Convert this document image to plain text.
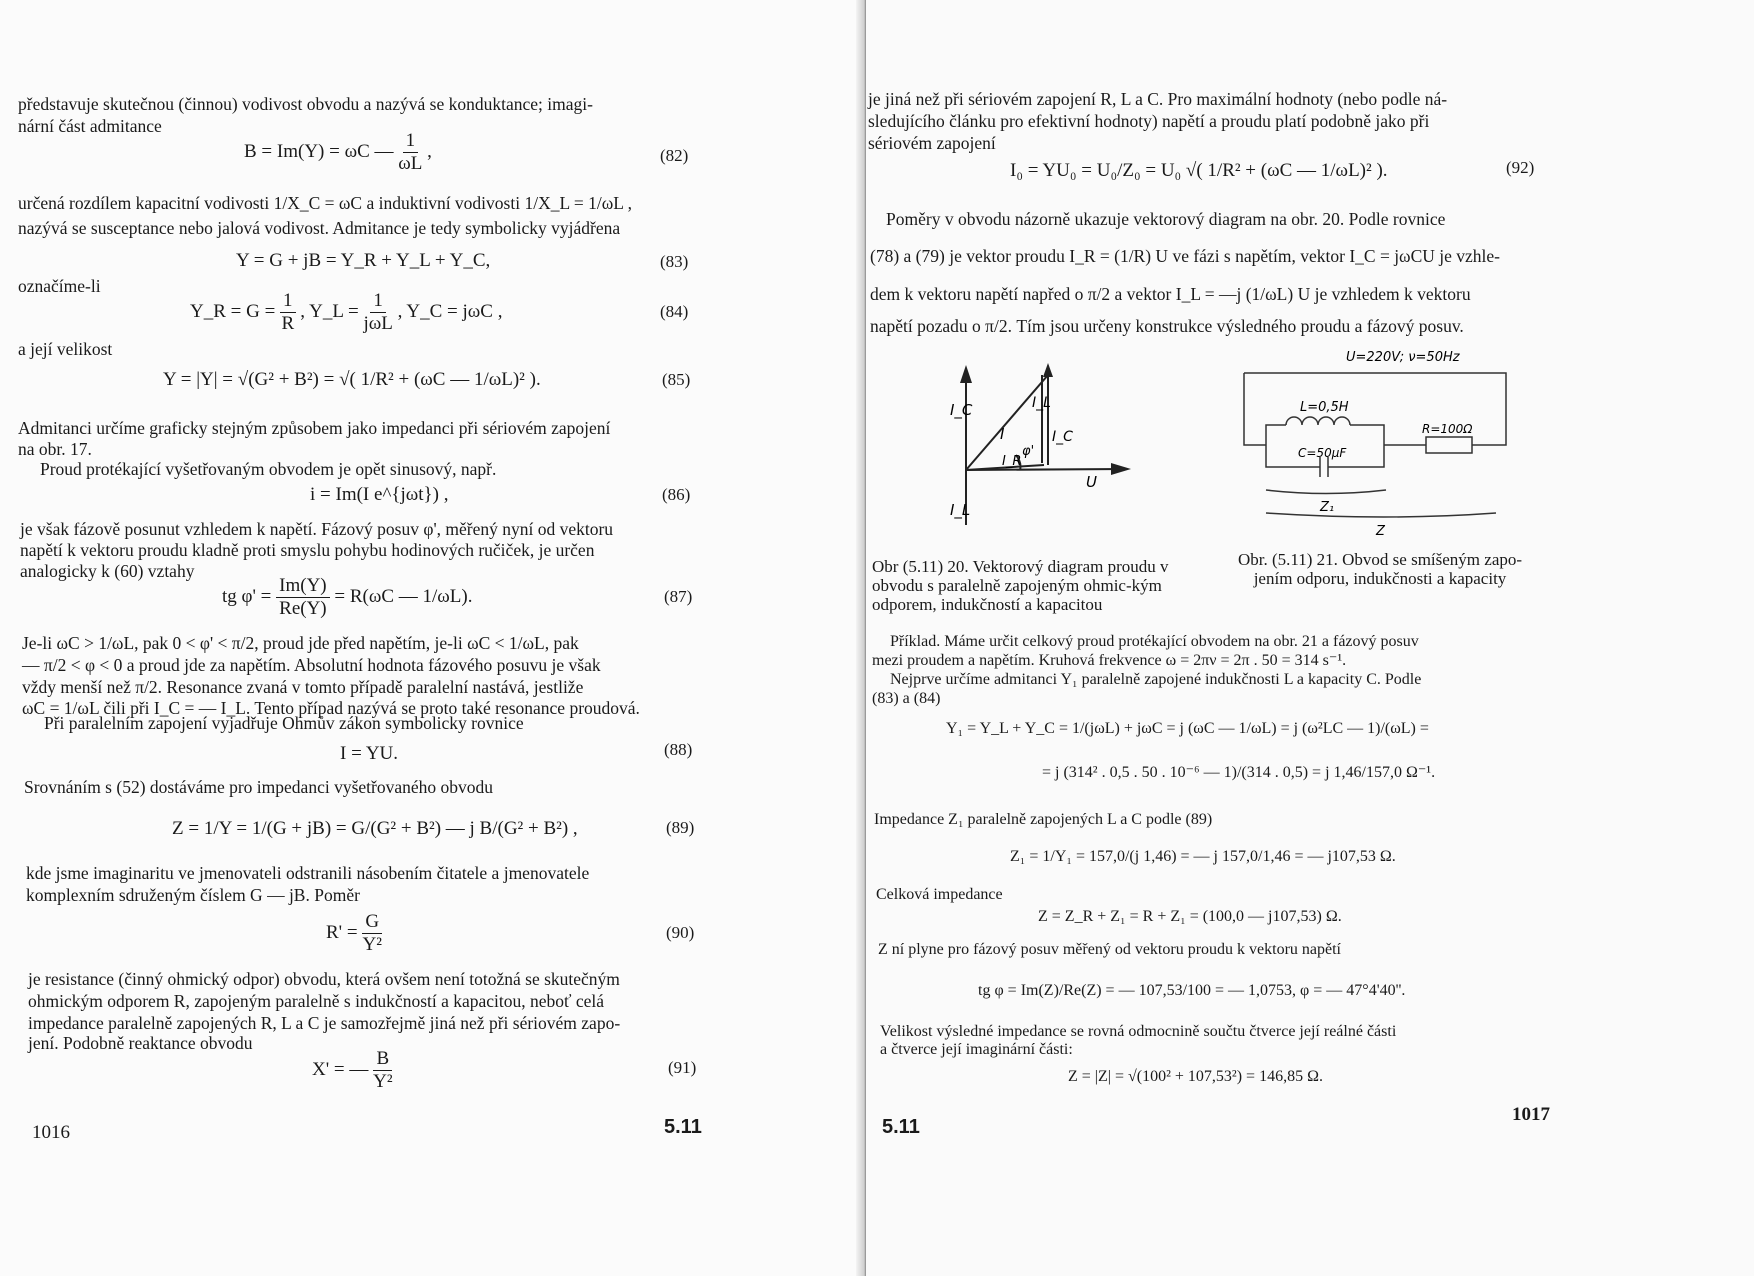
představuje skutečnou (činnou) vodivost obvodu a nazývá se konduktance; imagi-
nární část admitance
B = Im(Y) = ωC — $\frac{1}{\omega L}$ ,	(82)
určená rozdílem kapacitní vodivosti 1/X_C = ωC a induktivní vodivosti 1/X_L = 1/ωL ,
nazývá se susceptance nebo jalová vodivost. Admitance je tedy symbolicky vyjádřena
Y = G + jB = Y_R + Y_L + Y_C,	(83)
označíme-li
Y_R = $G = \frac{1}{R}$ , Y_L = $\frac{1}{\text{jωL}}$ , Y_C = jωC ,	(84)
a její velikost
Y = |Y| = √(G² + B²) = √( 1/R² + (ωC — 1/ωL)² ).	(85)
Admitanci určíme graficky stejným způsobem jako impedanci při sériovém zapojení
na obr. 17.
Proud protékající vyšetřovaným obvodem je opět sinusový, např.
i = Im(I e^{jωt}) ,	(86)
je však fázově posunut vzhledem k napětí. Fázový posuv φ', měřený nyní od vektoru
napětí k vektoru proudu kladně proti smyslu pohybu hodinových ručiček, je určen
analogicky k (60) vztahy
tg $\varphi' = \frac{Im(Y)}{Re(Y)} = R(\omega C$ — 1/ωL).	(87)
Je-li ωC > 1/ωL, pak 0 < φ' < π/2, proud jde před napětím, je-li ωC < 1/ωL, pak
— π/2 < φ < 0 a proud jde za napětím. Absolutní hodnota fázového posuvu je však
vždy menší než π/2. Resonance zvaná v tomto případě paralelní nastává, jestliže
ωC = 1/ωL čili při I_C = — I_L. Tento případ nazývá se proto také resonance proudová.
Při paralelním zapojení vyjadřuje Ohmův zákon symbolicky rovnice
I = YU.	(88)
Srovnáním s (52) dostáváme pro impedanci vyšetřovaného obvodu
Z = 1/Y = 1/(G + jB) = G/(G² + B²) — j B/(G² + B²) ,	(89)
kde jsme imaginaritu ve jmenovateli odstranili násobením čitatele a jmenovatele
komplexním sdruženým číslem G — jB. Poměr
$R' = \frac{G}{\text{Y²}}$	(90)
je resistance (činný ohmický odpor) obvodu, která ovšem není totožná se skutečným
ohmickým odporem R, zapojeným paralelně s indukčností a kapacitou, neboť celá
impedance paralelně zapojených R, L a C je samozřejmě jiná než při sériovém zapo-
jení. Podobně reaktance obvodu
X' = — $\frac{B}{\text{Y²}}$	(91)
1016	5.11
je jiná než při sériovém zapojení R, L a C. Pro maximální hodnoty (nebo podle ná-
sledujícího článku pro efektivní hodnoty) napětí a proudu platí podobně jako při
sériovém zapojení
I₀ = YU₀ = U₀/Z₀ = U₀ √( 1/R² + (ωC — 1/ωL)² ).	(92)
Poměry v obvodu názorně ukazuje vektorový diagram na obr. 20. Podle rovnice
(78) a (79) je vektor proudu I_R = (1/R) U ve fázi s napětím, vektor I_C = jωCU je vzhle-
dem k vektoru napětí napřed o π/2 a vektor I_L = —j (1/ωL) U je vzhledem k vektoru
napětí pozadu o π/2. Tím jsou určeny konstrukce výsledného proudu a fázový posuv.
I_C
I_L
U
I_L
I	I_C
φ'
I_R
Obr (5.11) 20. Vektorový diagram proudu v obvodu s paralelně zapojeným ohmic-kým odporem, indukčností a kapacitou
U=220V; ν=50Hz
L=0,5H
C=50μF
R=100Ω
Z₁
Z
Obr. (5.11) 21. Obvod se smíšeným zapo-jením odporu, indukčnosti a kapacity
Příklad. Máme určit celkový proud protékající obvodem na obr. 21 a fázový posuv
mezi proudem a napětím. Kruhová frekvence ω = 2πν = 2π . 50 = 314 s⁻¹.
Nejprve určíme admitanci Y₁ paralelně zapojené indukčnosti L a kapacity C. Podle
(83) a (84)
Y₁ = Y_L + Y_C = 1/(jωL) + jωC = j (ωC — 1/ωL) = j (ω²LC — 1)/(ωL) =
= j (314² . 0,5 . 50 . 10⁻⁶ — 1)/(314 . 0,5) = j 1,46/157,0 Ω⁻¹.
Impedance Z₁ paralelně zapojených L a C podle (89)
Z₁ = 1/Y₁ = 157,0/(j 1,46) = — j 157,0/1,46 = — j107,53 Ω.
Celková impedance
Z = Z_R + Z₁ = R + Z₁ = (100,0 — j107,53) Ω.
Z ní plyne pro fázový posuv měřený od vektoru proudu k vektoru napětí
tg φ = Im(Z)/Re(Z) = — 107,53/100 = — 1,0753, φ = — 47°4'40''.
Velikost výsledné impedance se rovná odmocnině součtu čtverce její reálné části
a čtverce její imaginární části:
Z = |Z| = √(100² + 107,53²) = 146,85 Ω.
5.11
1017
